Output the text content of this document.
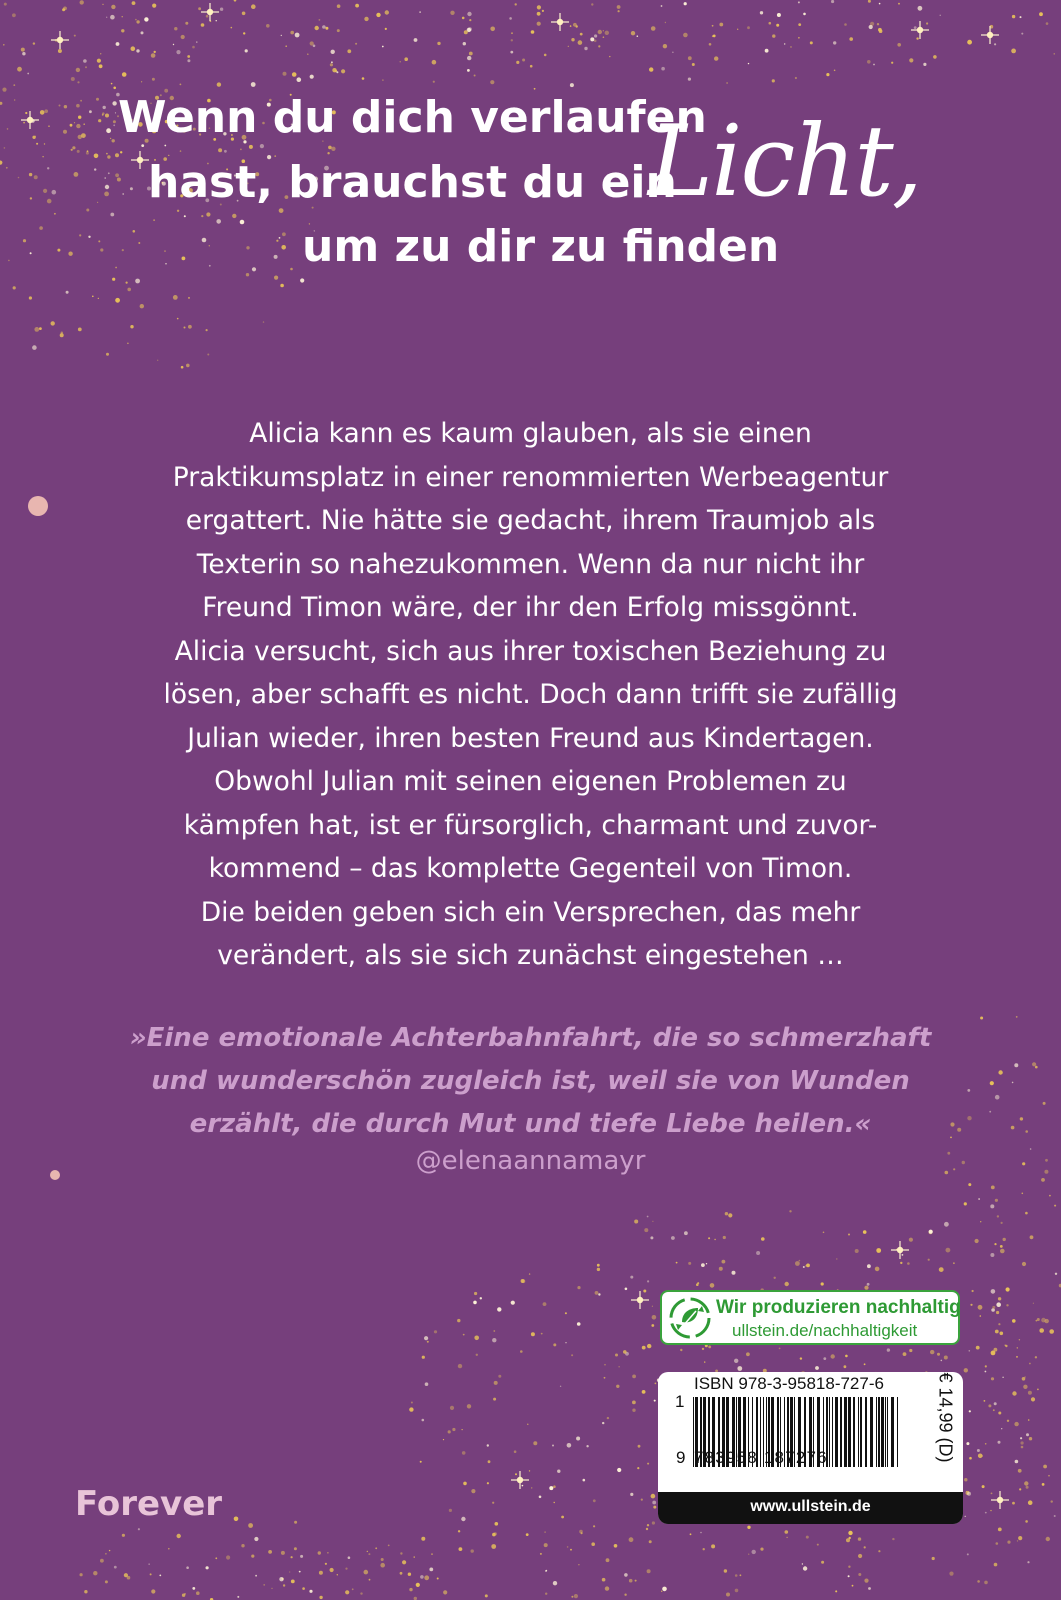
Wenn du dich verlaufen
hast, brauchst du ein
Licht,
um zu dir zu finden
Alicia kann es kaum glauben, als sie einen
Praktikumsplatz in einer renommierten Werbeagentur
ergattert. Nie hätte sie gedacht, ihrem Traumjob als
Texterin so nahezukommen. Wenn da nur nicht ihr
Freund Timon wäre, der ihr den Erfolg missgönnt.
Alicia versucht, sich aus ihrer toxischen Beziehung zu
lösen, aber schafft es nicht. Doch dann trifft sie zufällig
Julian wieder, ihren besten Freund aus Kindertagen.
Obwohl Julian mit seinen eigenen Problemen zu
kämpfen hat, ist er fürsorglich, charmant und zuvor-
kommend – das komplette Gegenteil von Timon.
Die beiden geben sich ein Versprechen, das mehr
verändert, als sie sich zunächst eingestehen …
»Eine emotionale Achterbahnfahrt, die so schmerzhaft
und wunderschön zugleich ist, weil sie von Wunden
erzählt, die durch Mut und tiefe Liebe heilen.«
@elenaannamayr
Forever
Wir produzieren nachhaltig
ullstein.de/nachhaltigkeit
ISBN 978-3-95818-727-6
1
9 783958 187276	€ 14,99 (D)
www.ullstein.de
